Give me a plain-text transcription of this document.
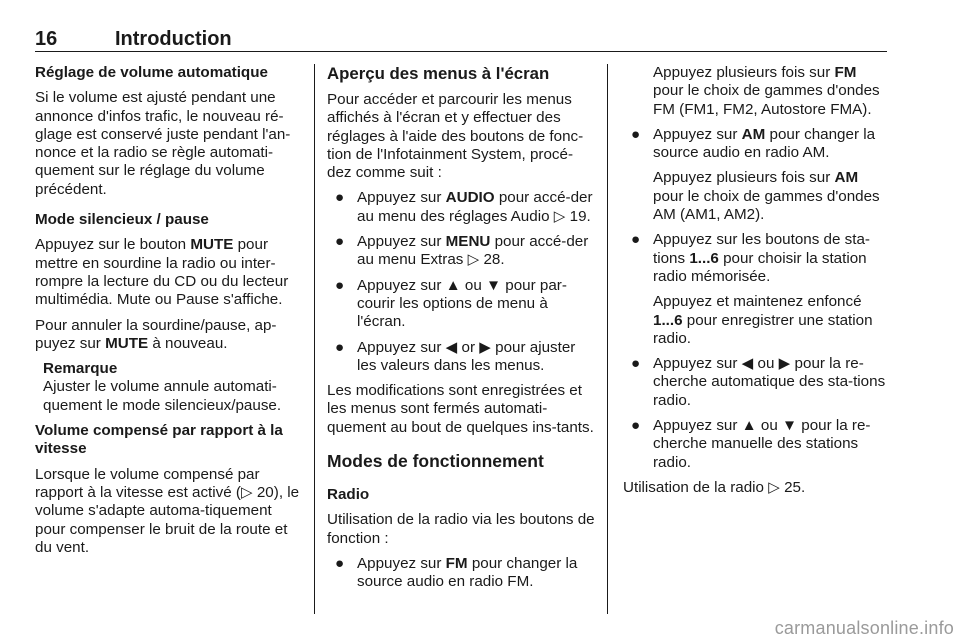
16	Introduction

Réglage de volume automatique

Si le volume est ajusté pendant une annonce d'infos trafic, le nouveau ré-glage est conservé juste pendant l'an-nonce et la radio se règle automati-quement sur le réglage du volume précédent.

Mode silencieux / pause

Appuyez sur le bouton MUTE pour mettre en sourdine la radio ou inter-rompre la lecture du CD ou du lecteur multimédia. Mute ou Pause s'affiche.

Pour annuler la sourdine/pause, ap-puyez sur MUTE à nouveau.

Remarque
Ajuster le volume annule automati-quement le mode silencieux/pause.

Volume compensé par rapport à la vitesse

Lorsque le volume compensé par rapport à la vitesse est activé (▷ 20), le volume s'adapte automa-tiquement pour compenser le bruit de la route et du vent.

Aperçu des menus à l'écran

Pour accéder et parcourir les menus affichés à l'écran et y effectuer des réglages à l'aide des boutons de fonc-tion de l'Infotainment System, procé-dez comme suit :

● Appuyez sur AUDIO pour accé-der au menu des réglages Audio ▷ 19.
● Appuyez sur MENU pour accé-der au menu Extras ▷ 28.
● Appuyez sur ▲ ou ▼ pour par-courir les options de menu à l'écran.
● Appuyez sur ◀ or ▶ pour ajuster les valeurs dans les menus.

Les modifications sont enregistrées et les menus sont fermés automati-quement au bout de quelques ins-tants.

Modes de fonctionnement

Radio

Utilisation de la radio via les boutons de fonction :

● Appuyez sur FM pour changer la source audio en radio FM.

Appuyez plusieurs fois sur FM pour le choix de gammes d'ondes FM (FM1, FM2, Autostore FMA).

● Appuyez sur AM pour changer la source audio en radio AM.

Appuyez plusieurs fois sur AM pour le choix de gammes d'ondes AM (AM1, AM2).

● Appuyez sur les boutons de sta-tions 1...6 pour choisir la station radio mémorisée.

Appuyez et maintenez enfoncé 1...6 pour enregistrer une station radio.

● Appuyez sur ◀ ou ▶ pour la re-cherche automatique des sta-tions radio.
● Appuyez sur ▲ ou ▼ pour la re-cherche manuelle des stations radio.

Utilisation de la radio ▷ 25.

carmanualsonline.info
